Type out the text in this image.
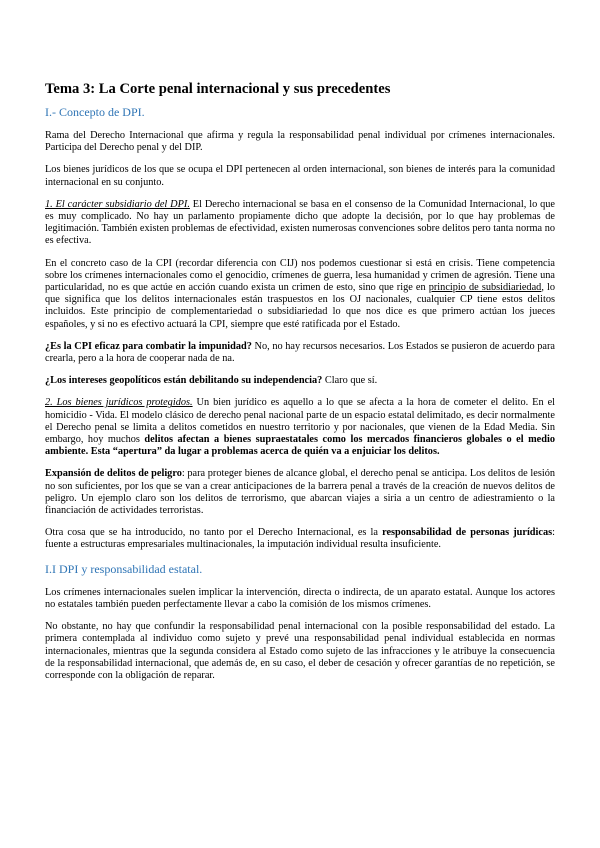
Tema 3: La Corte penal internacional y sus precedentes
I.- Concepto de DPI.

Rama del Derecho Internacional que afirma y regula la responsabilidad penal individual por crímenes internacionales. Participa del Derecho penal y del DIP.

Los bienes jurídicos de los que se ocupa el DPI pertenecen al orden internacional, son bienes de interés para la comunidad internacional en su conjunto.

1. El carácter subsidiario del DPI. El Derecho internacional se basa en el consenso de la Comunidad Internacional, lo que es muy complicado. No hay un parlamento propiamente dicho que adopte la decisión, por lo que hay problemas de legitimación. También existen problemas de efectividad, existen numerosas convenciones sobre delitos pero tanta norma no es efectiva.

En el concreto caso de la CPI (recordar diferencia con CIJ) nos podemos cuestionar si está en crisis. Tiene competencia sobre los crímenes internacionales como el genocidio, crímenes de guerra, lesa humanidad y crimen de agresión. Tiene una particularidad, no es que actúe en acción cuando exista un crimen de esto, sino que rige en principio de subsidiariedad, lo que significa que los delitos internacionales están traspuestos en los OJ nacionales, cualquier CP tiene estos delitos incluidos. Este principio de complementariedad o subsidiariedad lo que nos dice es que primero actúan los jueces españoles, y si no es efectivo actuará la CPI, siempre que esté ratificada por el Estado.

¿Es la CPI eficaz para combatir la impunidad? No, no hay recursos necesarios. Los Estados se pusieron de acuerdo para crearla, pero a la hora de cooperar nada de na.

¿Los intereses geopolíticos están debilitando su independencia? Claro que sí.

2. Los bienes jurídicos protegidos. Un bien jurídico es aquello a lo que se afecta a la hora de cometer el delito. En el homicidio - Vida. El modelo clásico de derecho penal nacional parte de un espacio estatal delimitado, es decir normalmente el Derecho penal se limita a delitos cometidos en nuestro territorio y por nacionales, que vienen de la Edad Media. Sin embargo, hoy muchos delitos afectan a bienes supraestatales como los mercados financieros globales o el medio ambiente. Esta “apertura” da lugar a problemas acerca de quién va a enjuiciar los delitos.

Expansión de delitos de peligro: para proteger bienes de alcance global, el derecho penal se anticipa. Los delitos de lesión no son suficientes, por los que se van a crear anticipaciones de la barrera penal a través de la creación de nuevos delitos de peligro. Un ejemplo claro son los delitos de terrorismo, que abarcan viajes a siria a un centro de adiestramiento o la financiación de actividades terroristas.

Otra cosa que se ha introducido, no tanto por el Derecho Internacional, es la responsabilidad de personas jurídicas: fuente a estructuras empresariales multinacionales, la imputación individual resulta insuficiente.

I.I DPI y responsabilidad estatal.

Los crímenes internacionales suelen implicar la intervención, directa o indirecta, de un aparato estatal. Aunque los actores no estatales también pueden perfectamente llevar a cabo la comisión de los mismos crímenes.

No obstante, no hay que confundir la responsabilidad penal internacional con la posible responsabilidad del estado. La primera contemplada al individuo como sujeto y prevé una responsabilidad penal individual establecida en normas internacionales, mientras que la segunda considera al Estado como sujeto de las infracciones y le atribuye la consecuencia de la responsabilidad internacional, que además de, en su caso, el deber de cesación y ofrecer garantías de no repetición, se corresponde con la obligación de reparar.
